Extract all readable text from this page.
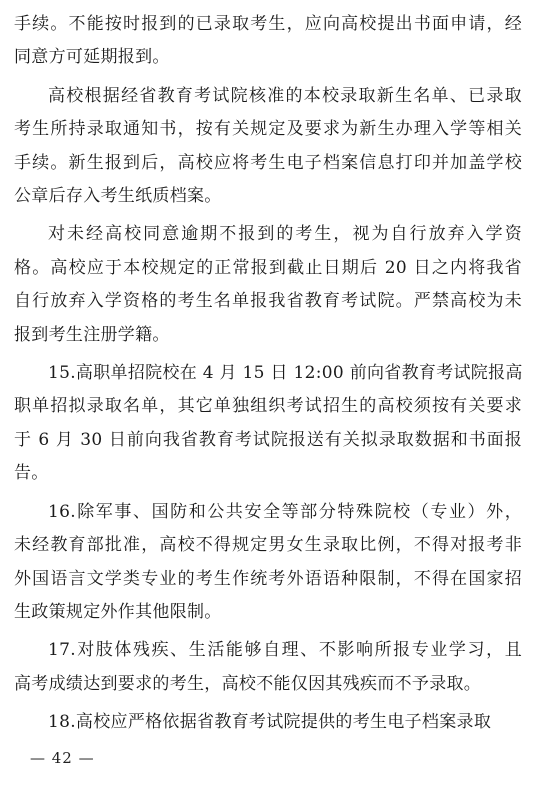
手续。不能按时报到的已录取考生，应向高校提出书面申请，经
同意方可延期报到。
高校根据经省教育考试院核准的本校录取新生名单、已录取
考生所持录取通知书，按有关规定及要求为新生办理入学等相关
手续。新生报到后，高校应将考生电子档案信息打印并加盖学校
公章后存入考生纸质档案。
对未经高校同意逾期不报到的考生，视为自行放弃入学资
格。高校应于本校规定的正常报到截止日期后 20 日之内将我省
自行放弃入学资格的考生名单报我省教育考试院。严禁高校为未
报到考生注册学籍。
15.高职单招院校在 4 月 15 日 12:00 前向省教育考试院报高
职单招拟录取名单，其它单独组织考试招生的高校须按有关要求
于 6 月 30 日前向我省教育考试院报送有关拟录取数据和书面报
告。
16.除军事、国防和公共安全等部分特殊院校（专业）外，
未经教育部批准，高校不得规定男女生录取比例，不得对报考非
外国语言文学类专业的考生作统考外语语种限制，不得在国家招
生政策规定外作其他限制。
17.对肢体残疾、生活能够自理、不影响所报专业学习，且
高考成绩达到要求的考生，高校不能仅因其残疾而不予录取。
18.高校应严格依据省教育考试院提供的考生电子档案录取
— 42 —
